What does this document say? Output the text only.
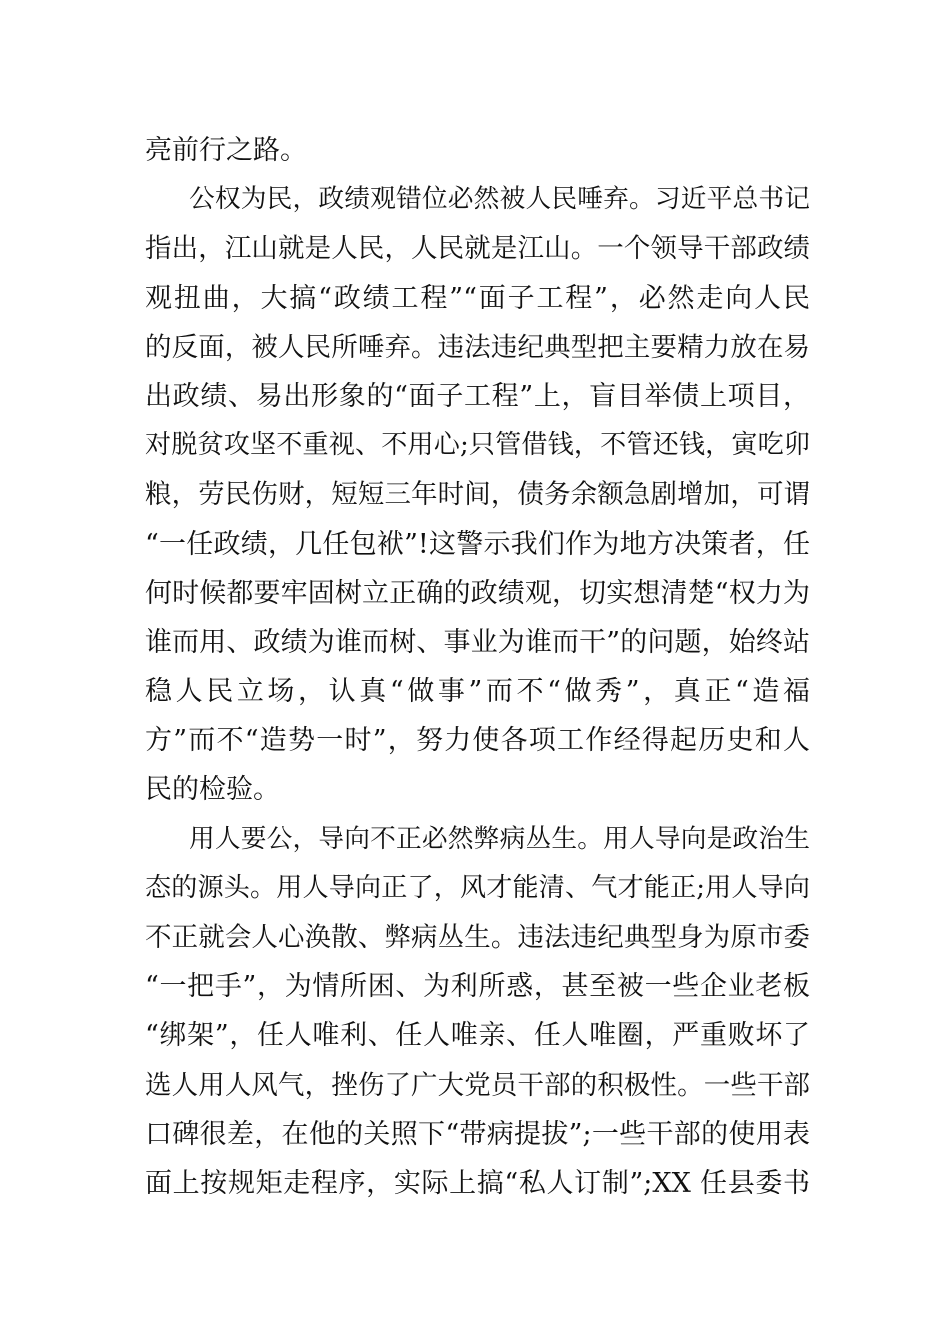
亮前行之路。
公权为民，政绩观错位必然被人民唾弃。习近平总书记
指出，江山就是人民，人民就是江山。一个领导干部政绩
观扭曲，大搞“政绩工程”“面子工程”，必然走向人民
的反面，被人民所唾弃。违法违纪典型把主要精力放在易
出政绩、易出形象的“面子工程”上，盲目举债上项目，
对脱贫攻坚不重视、不用心;只管借钱，不管还钱，寅吃卯
粮，劳民伤财，短短三年时间，债务余额急剧增加，可谓
“一任政绩，几任包袱”!这警示我们作为地方决策者，任
何时候都要牢固树立正确的政绩观，切实想清楚“权力为
谁而用、政绩为谁而树、事业为谁而干”的问题，始终站
稳人民立场，认真“做事”而不“做秀”，真正“造福
方”而不“造势一时”，努力使各项工作经得起历史和人
民的检验。
用人要公，导向不正必然弊病丛生。用人导向是政治生
态的源头。用人导向正了，风才能清、气才能正;用人导向
不正就会人心涣散、弊病丛生。违法违纪典型身为原市委
“一把手”，为情所困、为利所惑，甚至被一些企业老板
“绑架”，任人唯利、任人唯亲、任人唯圈，严重败坏了
选人用人风气，挫伤了广大党员干部的积极性。一些干部
口碑很差，在他的关照下“带病提拔”;一些干部的使用表
面上按规矩走程序，实际上搞“私人订制”;XX 任县委书
